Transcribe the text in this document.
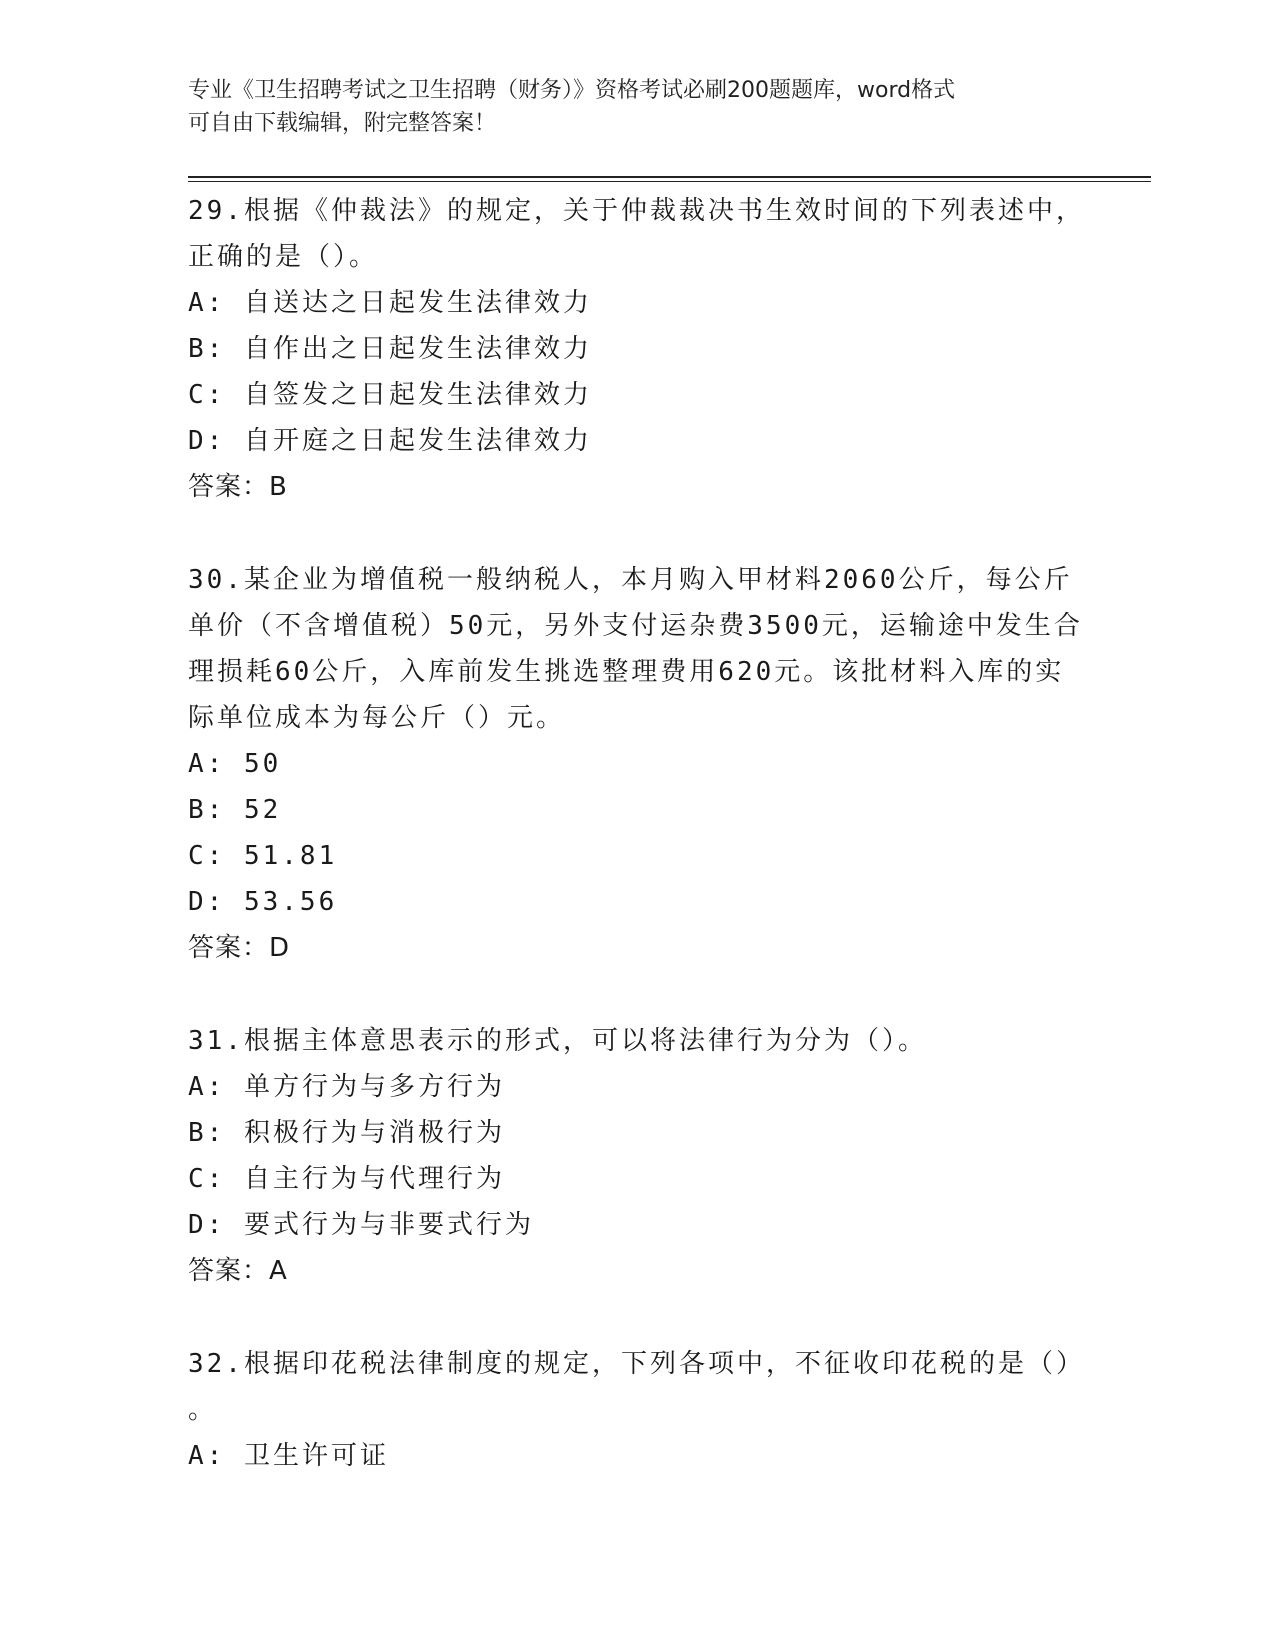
专业《卫生招聘考试之卫生招聘（财务）》资格考试必刷200题题库，word格式
可自由下载编辑，附完整答案！
29.根据《仲裁法》的规定，关于仲裁裁决书生效时间的下列表述中，
正确的是（）。
A: 自送达之日起发生法律效力
B: 自作出之日起发生法律效力
C: 自签发之日起发生法律效力
D: 自开庭之日起发生法律效力
答案：B
30.某企业为增值税一般纳税人，本月购入甲材料2060公斤，每公斤
单价（不含增值税）50元，另外支付运杂费3500元，运输途中发生合
理损耗60公斤，入库前发生挑选整理费用620元。该批材料入库的实
际单位成本为每公斤（）元。
A: 50
B: 52
C: 51.81
D: 53.56
答案：D
31.根据主体意思表示的形式，可以将法律行为分为（）。
A: 单方行为与多方行为
B: 积极行为与消极行为
C: 自主行为与代理行为
D: 要式行为与非要式行为
答案：A
32.根据印花税法律制度的规定，下列各项中，不征收印花税的是（）
。
A: 卫生许可证
